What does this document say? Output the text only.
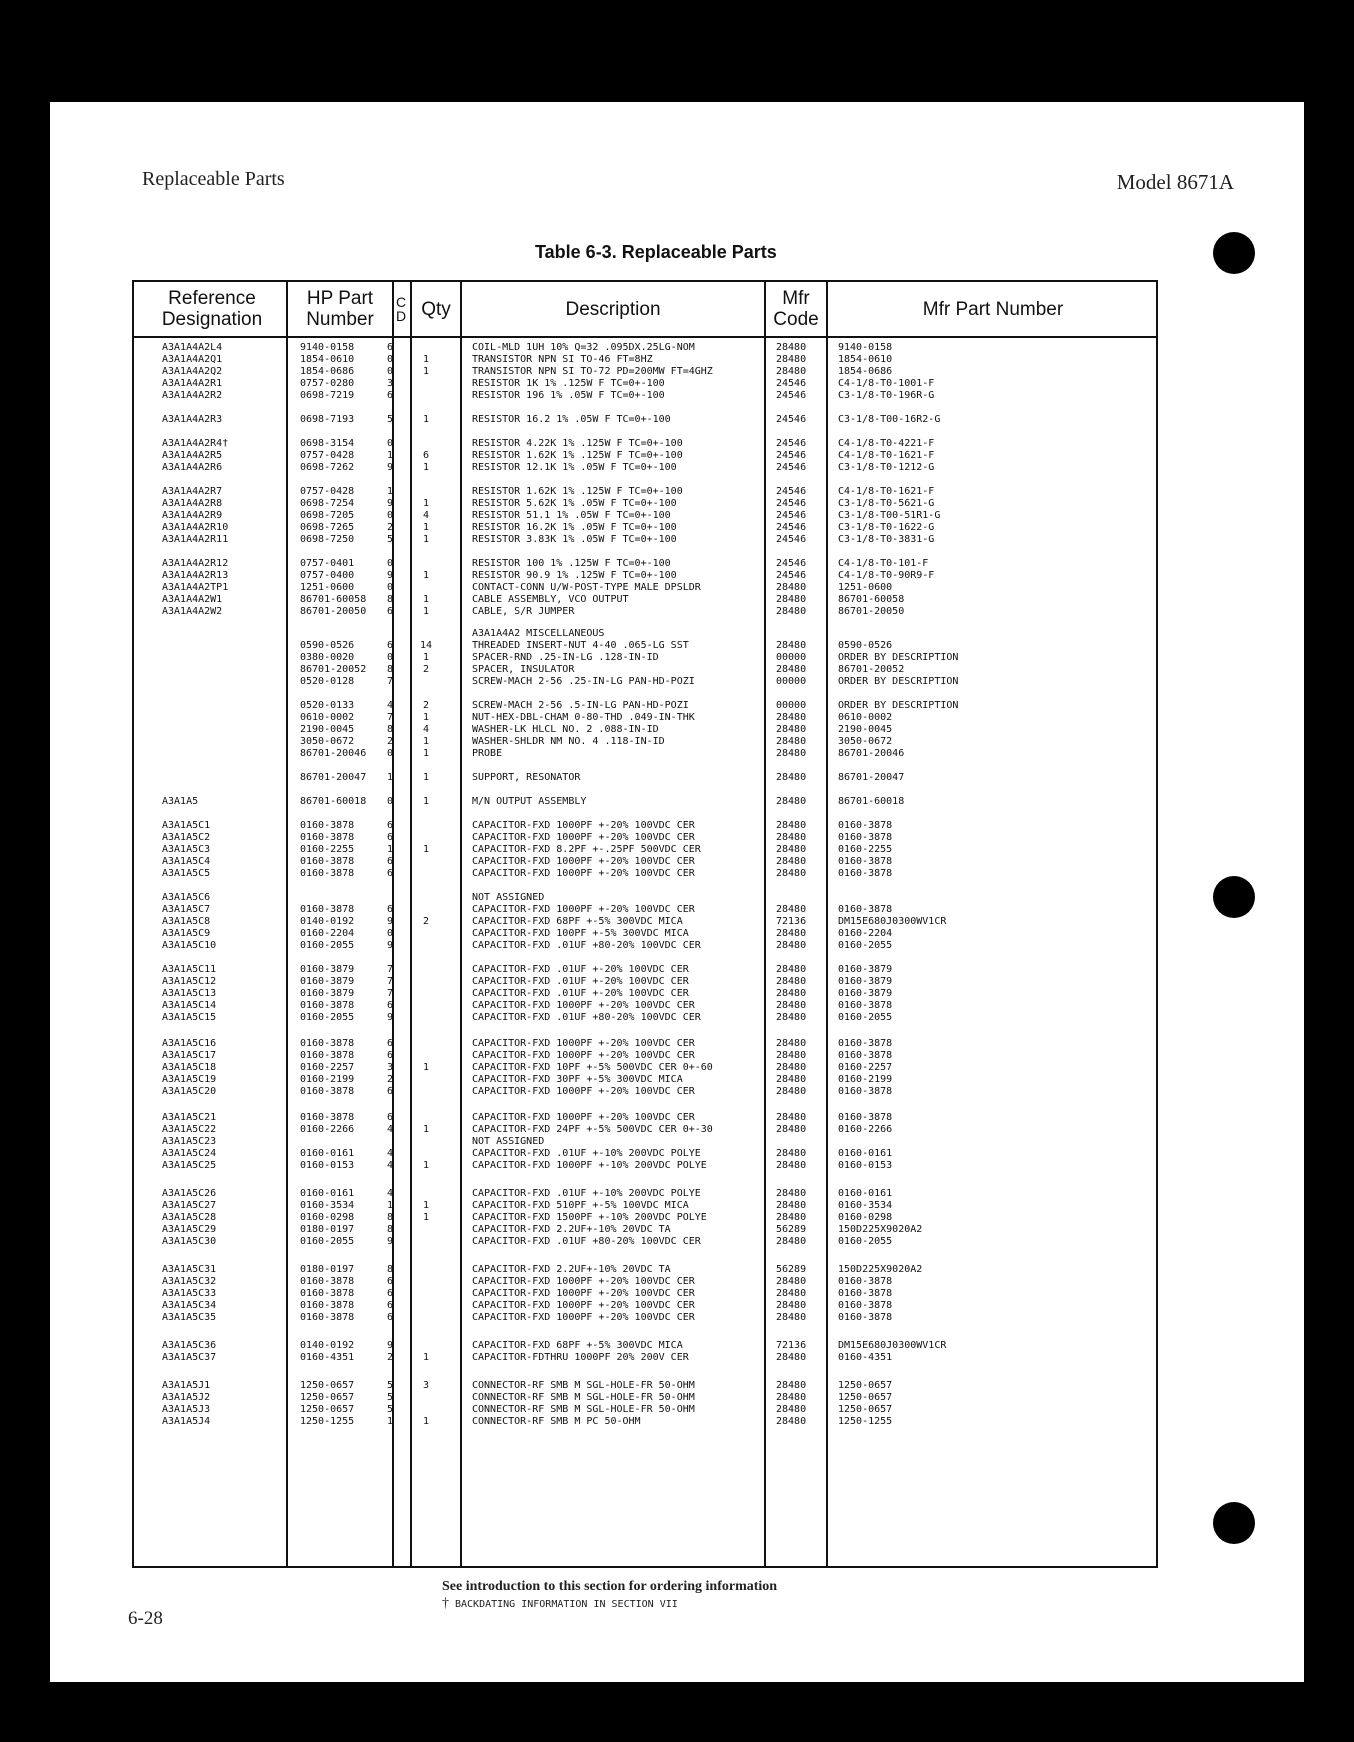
Replaceable Parts	Model 8671A
Table 6-3. Replaceable Parts
Reference Designation
HP Part Number
C D Qty	Description	Mfr Code	Mfr Part Number
A3A1A4A2L4	9140-0158	6	COIL-MLD 1UH 10% Q=32 .095DX.25LG-NOM	28480	9140-0158
A3A1A4A2Q1	1854-0610	0	1	TRANSISTOR NPN SI TO-46 FT=8HZ	28480	1854-0610
A3A1A4A2Q2	1854-0686	0	1	TRANSISTOR NPN SI TO-72 PD=200MW FT=4GHZ	28480	1854-0686
A3A1A4A2R1	0757-0280	3	RESISTOR 1K 1% .125W F TC=0+-100	24546	C4-1/8-T0-1001-F
A3A1A4A2R2	0698-7219	6	RESISTOR 196 1% .05W F TC=0+-100	24546	C3-1/8-T0-196R-G
A3A1A4A2R3	0698-7193	5	1	RESISTOR 16.2 1% .05W F TC=0+-100	24546	C3-1/8-T00-16R2-G
A3A1A4A2R4†	0698-3154	0	RESISTOR 4.22K 1% .125W F TC=0+-100	24546	C4-1/8-T0-4221-F
A3A1A4A2R5	0757-0428	1	6	RESISTOR 1.62K 1% .125W F TC=0+-100	24546	C4-1/8-T0-1621-F
A3A1A4A2R6	0698-7262	9	1	RESISTOR 12.1K 1% .05W F TC=0+-100	24546	C3-1/8-T0-1212-G
A3A1A4A2R7	0757-0428	1	RESISTOR 1.62K 1% .125W F TC=0+-100	24546	C4-1/8-T0-1621-F
A3A1A4A2R8	0698-7254	9	1	RESISTOR 5.62K 1% .05W F TC=0+-100	24546	C3-1/8-T0-5621-G
A3A1A4A2R9	0698-7205	0	4	RESISTOR 51.1 1% .05W F TC=0+-100	24546	C3-1/8-T00-51R1-G
A3A1A4A2R10	0698-7265	2	1	RESISTOR 16.2K 1% .05W F TC=0+-100	24546	C3-1/8-T0-1622-G
A3A1A4A2R11	0698-7250	5	1	RESISTOR 3.83K 1% .05W F TC=0+-100	24546	C3-1/8-T0-3831-G
A3A1A4A2R12	0757-0401	0	RESISTOR 100 1% .125W F TC=0+-100	24546	C4-1/8-T0-101-F
A3A1A4A2R13	0757-0400	9	1	RESISTOR 90.9 1% .125W F TC=0+-100	24546	C4-1/8-T0-90R9-F
A3A1A4A2TP1	1251-0600	0	CONTACT-CONN U/W-POST-TYPE MALE DPSLDR	28480	1251-0600
A3A1A4A2W1	86701-60058 8	1	CABLE ASSEMBLY, VCO OUTPUT	28480	86701-60058
A3A1A4A2W2	86701-20050 6	1	CABLE, S/R JUMPER	28480	86701-20050
A3A1A4A2 MISCELLANEOUS
0590-0526	6	14	THREADED INSERT-NUT 4-40 .065-LG SST	28480	0590-0526
0380-0020	0	1	SPACER-RND .25-IN-LG .128-IN-ID	00000	ORDER BY DESCRIPTION
86701-20052 8	2	SPACER, INSULATOR	28480	86701-20052
0520-0128	7	SCREW-MACH 2-56 .25-IN-LG PAN-HD-POZI	00000	ORDER BY DESCRIPTION
0520-0133	4	2	SCREW-MACH 2-56 .5-IN-LG PAN-HD-POZI	00000	ORDER BY DESCRIPTION
0610-0002	7	1	NUT-HEX-DBL-CHAM 0-80-THD .049-IN-THK	28480	0610-0002
2190-0045	8	4	WASHER-LK HLCL NO. 2 .088-IN-ID	28480	2190-0045
3050-0672	2	1	WASHER-SHLDR NM NO. 4 .118-IN-ID	28480	3050-0672
86701-20046 0	1	PROBE	28480	86701-20046
86701-20047 1	1	SUPPORT, RESONATOR	28480	86701-20047
A3A1A5	86701-60018 0	1	M/N OUTPUT ASSEMBLY	28480	86701-60018
A3A1A5C1	0160-3878	6	CAPACITOR-FXD 1000PF +-20% 100VDC CER	28480	0160-3878
A3A1A5C2	0160-3878	6	CAPACITOR-FXD 1000PF +-20% 100VDC CER	28480	0160-3878
A3A1A5C3	0160-2255	1	1	CAPACITOR-FXD 8.2PF +-.25PF 500VDC CER	28480	0160-2255
A3A1A5C4	0160-3878	6	CAPACITOR-FXD 1000PF +-20% 100VDC CER	28480	0160-3878
A3A1A5C5	0160-3878	6	CAPACITOR-FXD 1000PF +-20% 100VDC CER	28480	0160-3878
A3A1A5C6	NOT ASSIGNED
A3A1A5C7	0160-3878	6	CAPACITOR-FXD 1000PF +-20% 100VDC CER	28480	0160-3878
A3A1A5C8	0140-0192	9	2	CAPACITOR-FXD 68PF +-5% 300VDC MICA	72136	DM15E680J0300WV1CR
A3A1A5C9	0160-2204	0	CAPACITOR-FXD 100PF +-5% 300VDC MICA	28480	0160-2204
A3A1A5C10	0160-2055	9	CAPACITOR-FXD .01UF +80-20% 100VDC CER	28480	0160-2055
A3A1A5C11	0160-3879	7	CAPACITOR-FXD .01UF +-20% 100VDC CER	28480	0160-3879
A3A1A5C12	0160-3879	7	CAPACITOR-FXD .01UF +-20% 100VDC CER	28480	0160-3879
A3A1A5C13	0160-3879	7	CAPACITOR-FXD .01UF +-20% 100VDC CER	28480	0160-3879
A3A1A5C14	0160-3878	6	CAPACITOR-FXD 1000PF +-20% 100VDC CER	28480	0160-3878
A3A1A5C15	0160-2055	9	CAPACITOR-FXD .01UF +80-20% 100VDC CER	28480	0160-2055
A3A1A5C16	0160-3878	6	CAPACITOR-FXD 1000PF +-20% 100VDC CER	28480	0160-3878
A3A1A5C17	0160-3878	6	CAPACITOR-FXD 1000PF +-20% 100VDC CER	28480	0160-3878
A3A1A5C18	0160-2257	3	1	CAPACITOR-FXD 10PF +-5% 500VDC CER 0+-60	28480	0160-2257
A3A1A5C19	0160-2199	2	CAPACITOR-FXD 30PF +-5% 300VDC MICA	28480	0160-2199
A3A1A5C20	0160-3878	6	CAPACITOR-FXD 1000PF +-20% 100VDC CER	28480	0160-3878
A3A1A5C21	0160-3878	6	CAPACITOR-FXD 1000PF +-20% 100VDC CER	28480	0160-3878
A3A1A5C22	0160-2266	4	1	CAPACITOR-FXD 24PF +-5% 500VDC CER 0+-30	28480	0160-2266
A3A1A5C23	NOT ASSIGNED
A3A1A5C24	0160-0161	4	CAPACITOR-FXD .01UF +-10% 200VDC POLYE	28480	0160-0161
A3A1A5C25	0160-0153	4	1	CAPACITOR-FXD 1000PF +-10% 200VDC POLYE	28480	0160-0153
A3A1A5C26	0160-0161	4	CAPACITOR-FXD .01UF +-10% 200VDC POLYE	28480	0160-0161
A3A1A5C27	0160-3534	1	1	CAPACITOR-FXD 510PF +-5% 100VDC MICA	28480	0160-3534
A3A1A5C28	0160-0298	8	1	CAPACITOR-FXD 1500PF +-10% 200VDC POLYE	28480	0160-0298
A3A1A5C29	0180-0197	8	CAPACITOR-FXD 2.2UF+-10% 20VDC TA	56289	150D225X9020A2
A3A1A5C30	0160-2055	9	CAPACITOR-FXD .01UF +80-20% 100VDC CER	28480	0160-2055
A3A1A5C31	0180-0197	8	CAPACITOR-FXD 2.2UF+-10% 20VDC TA	56289	150D225X9020A2
A3A1A5C32	0160-3878	6	CAPACITOR-FXD 1000PF +-20% 100VDC CER	28480	0160-3878
A3A1A5C33	0160-3878	6	CAPACITOR-FXD 1000PF +-20% 100VDC CER	28480	0160-3878
A3A1A5C34	0160-3878	6	CAPACITOR-FXD 1000PF +-20% 100VDC CER	28480	0160-3878
A3A1A5C35	0160-3878	6	CAPACITOR-FXD 1000PF +-20% 100VDC CER	28480	0160-3878
A3A1A5C36	0140-0192	9	CAPACITOR-FXD 68PF +-5% 300VDC MICA	72136	DM15E680J0300WV1CR
A3A1A5C37	0160-4351	2	1	CAPACITOR-FDTHRU 1000PF 20% 200V CER	28480	0160-4351
A3A1A5J1	1250-0657	5	3	CONNECTOR-RF SMB M SGL-HOLE-FR 50-OHM	28480	1250-0657
A3A1A5J2	1250-0657	5	CONNECTOR-RF SMB M SGL-HOLE-FR 50-OHM	28480	1250-0657
A3A1A5J3	1250-0657	5	CONNECTOR-RF SMB M SGL-HOLE-FR 50-OHM	28480	1250-0657
A3A1A5J4	1250-1255	1	1	CONNECTOR-RF SMB M PC 50-OHM	28480	1250-1255
See introduction to this section for ordering information
† BACKDATING INFORMATION IN SECTION VII
6-28
